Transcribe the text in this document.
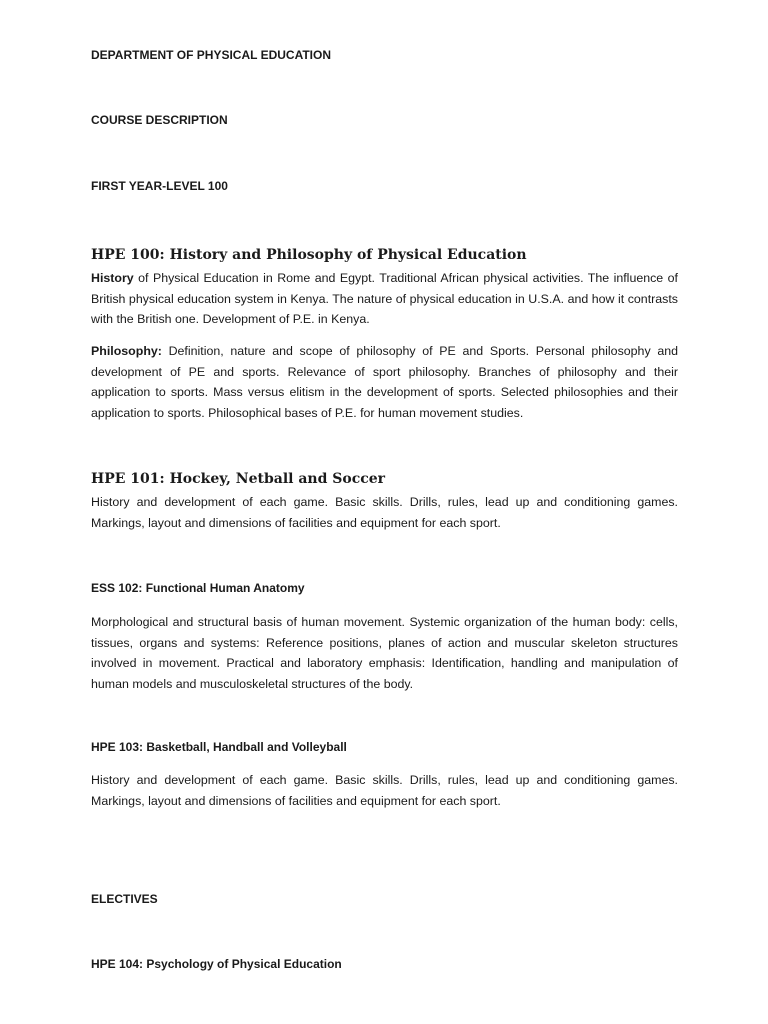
DEPARTMENT OF PHYSICAL EDUCATION

COURSE DESCRIPTION

FIRST YEAR-LEVEL 100

HPE 100: History and Philosophy of Physical Education

History of Physical Education in Rome and Egypt. Traditional African physical activities. The influence of British physical education system in Kenya. The nature of physical education in U.S.A. and how it contrasts with the British one. Development of P.E. in Kenya.

Philosophy: Definition, nature and scope of philosophy of PE and Sports. Personal philosophy and development of PE and sports. Relevance of sport philosophy. Branches of philosophy and their application to sports. Mass versus elitism in the development of sports. Selected philosophies and their application to sports. Philosophical bases of P.E. for human movement studies.

HPE 101: Hockey, Netball and Soccer

History and development of each game. Basic skills. Drills, rules, lead up and conditioning games. Markings, layout and dimensions of facilities and equipment for each sport.

ESS 102: Functional Human Anatomy

Morphological and structural basis of human movement. Systemic organization of the human body: cells, tissues, organs and systems: Reference positions, planes of action and muscular skeleton structures involved in movement. Practical and laboratory emphasis: Identification, handling and manipulation of human models and musculoskeletal structures of the body.

HPE 103: Basketball, Handball and Volleyball

History and development of each game. Basic skills. Drills, rules, lead up and conditioning games. Markings, layout and dimensions of facilities and equipment for each sport.

ELECTIVES

HPE 104: Psychology of Physical Education
